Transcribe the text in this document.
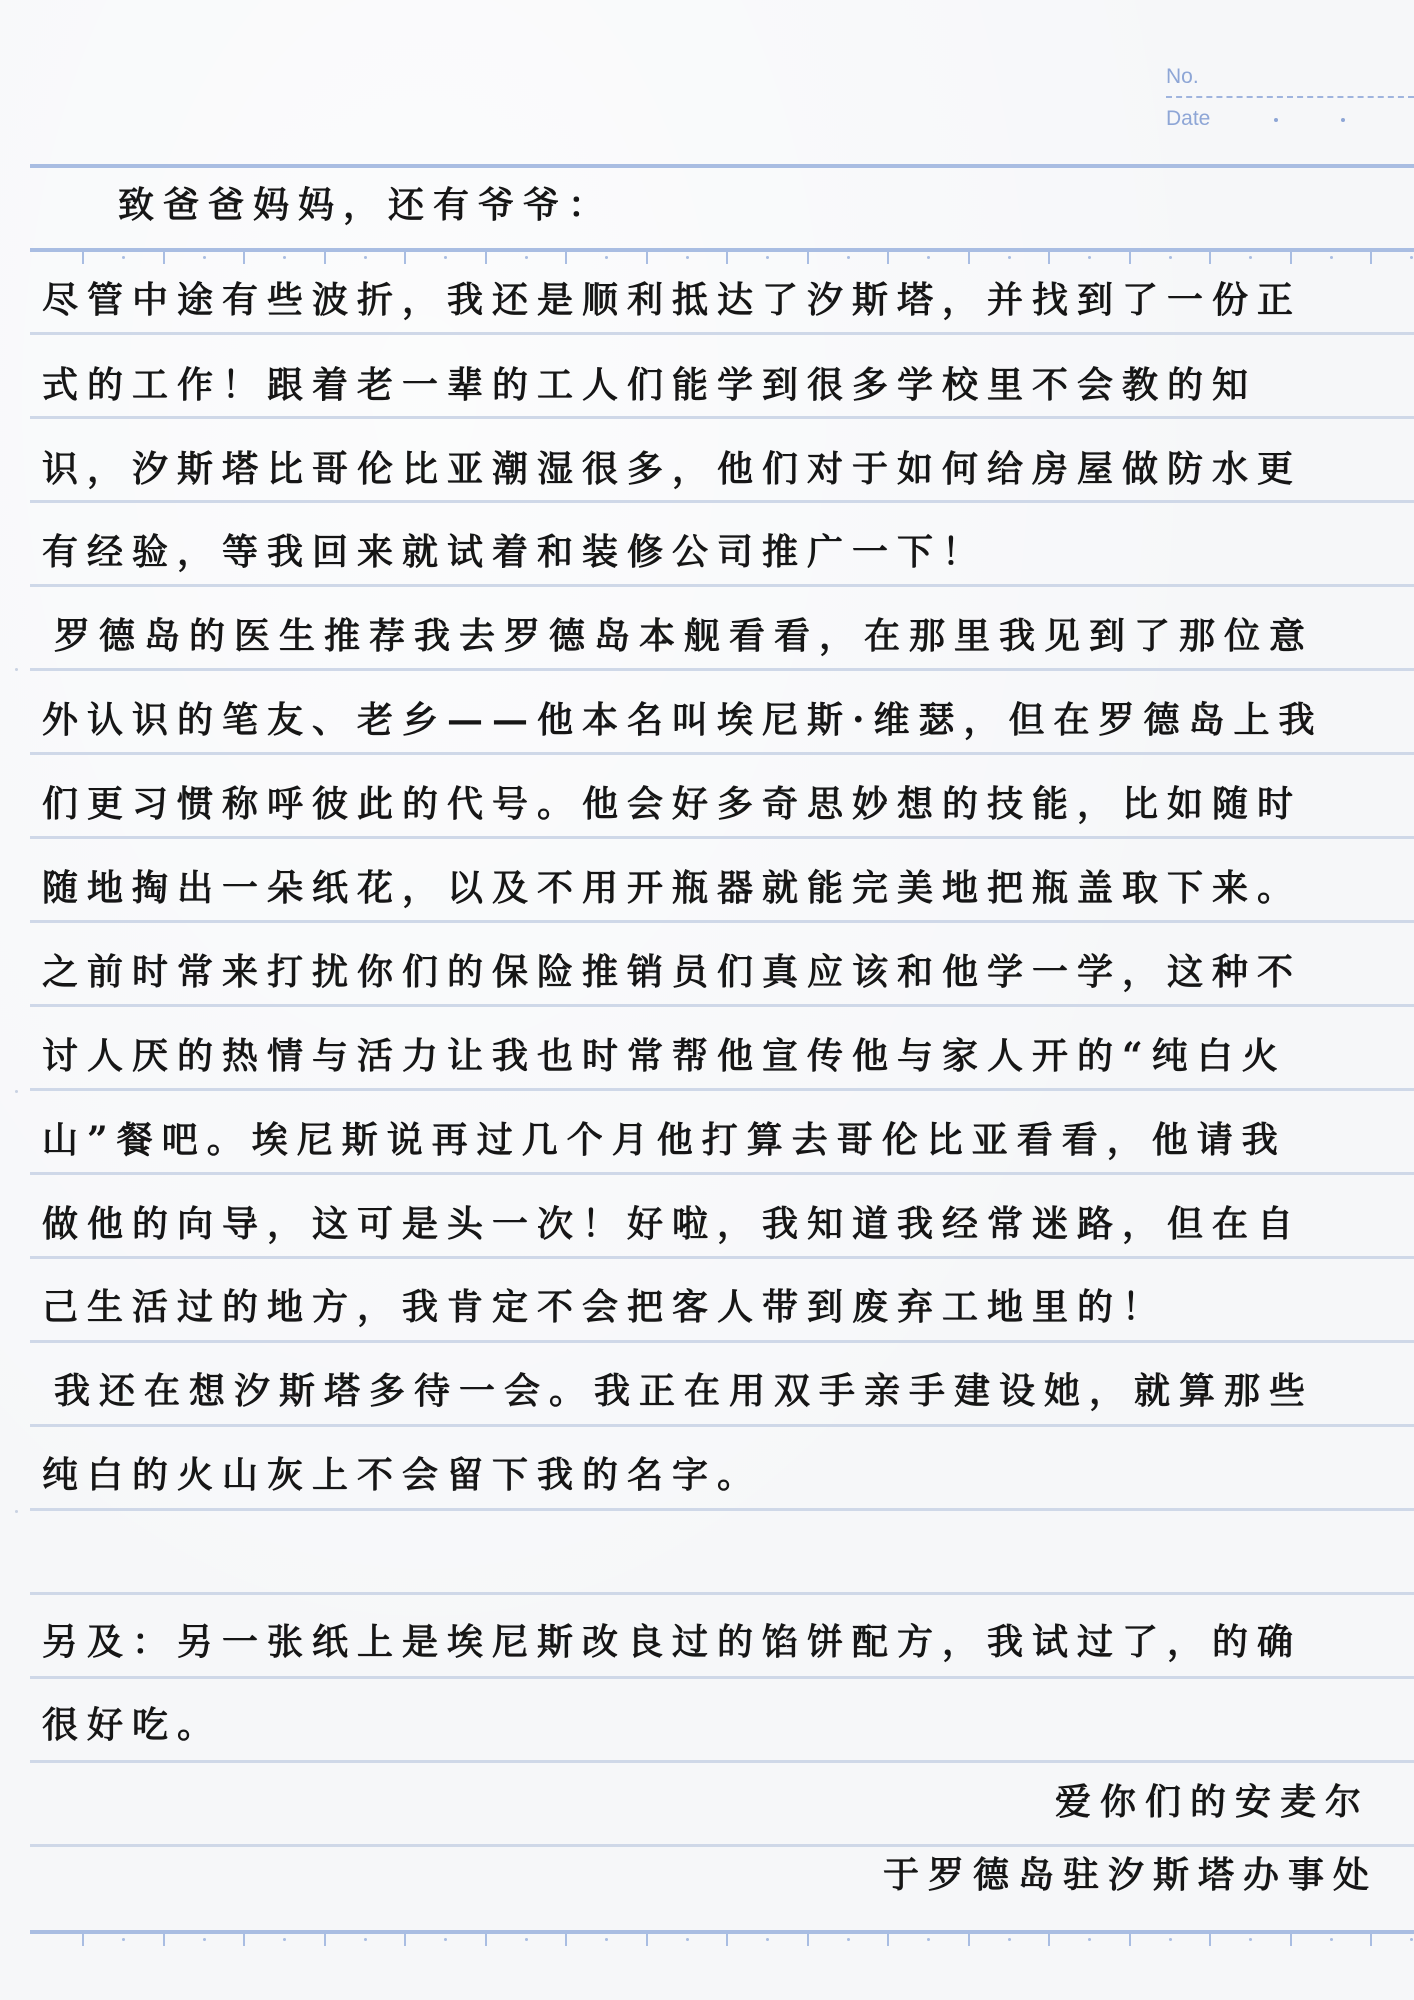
No.
Date
致爸爸妈妈，还有爷爷：
尽管中途有些波折，我还是顺利抵达了汐斯塔，并找到了一份正
式的工作！跟着老一辈的工人们能学到很多学校里不会教的知
识，汐斯塔比哥伦比亚潮湿很多，他们对于如何给房屋做防水更
有经验，等我回来就试着和装修公司推广一下！
罗德岛的医生推荐我去罗德岛本舰看看，在那里我见到了那位意
外认识的笔友、老乡——他本名叫埃尼斯·维瑟，但在罗德岛上我
们更习惯称呼彼此的代号。他会好多奇思妙想的技能，比如随时
随地掏出一朵纸花，以及不用开瓶器就能完美地把瓶盖取下来。
之前时常来打扰你们的保险推销员们真应该和他学一学，这种不
讨人厌的热情与活力让我也时常帮他宣传他与家人开的“纯白火
山”餐吧。埃尼斯说再过几个月他打算去哥伦比亚看看，他请我
做他的向导，这可是头一次！好啦，我知道我经常迷路，但在自
己生活过的地方，我肯定不会把客人带到废弃工地里的！
我还在想汐斯塔多待一会。我正在用双手亲手建设她，就算那些
纯白的火山灰上不会留下我的名字。
另及：另一张纸上是埃尼斯改良过的馅饼配方，我试过了，的确
很好吃。
爱你们的安麦尔
于罗德岛驻汐斯塔办事处
